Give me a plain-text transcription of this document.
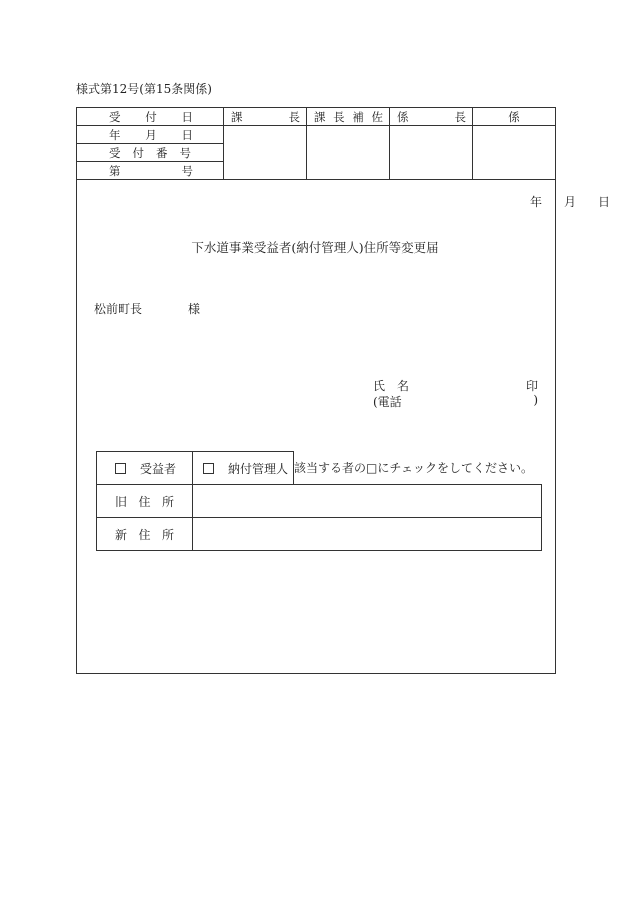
様式第12号(第15条関係)
受 付 日	課 長	課 長 補 佐	係 長	係

年 月 日				

受 付 番 号				

第 号				
年 月 日
下水道事業受益者(納付管理人)住所等変更届
松前町長	様
氏　名	印
(電話	)
受益者	納付管理人	該当する者の□にチェックをしてください。

旧 住 所		

新 住 所		
